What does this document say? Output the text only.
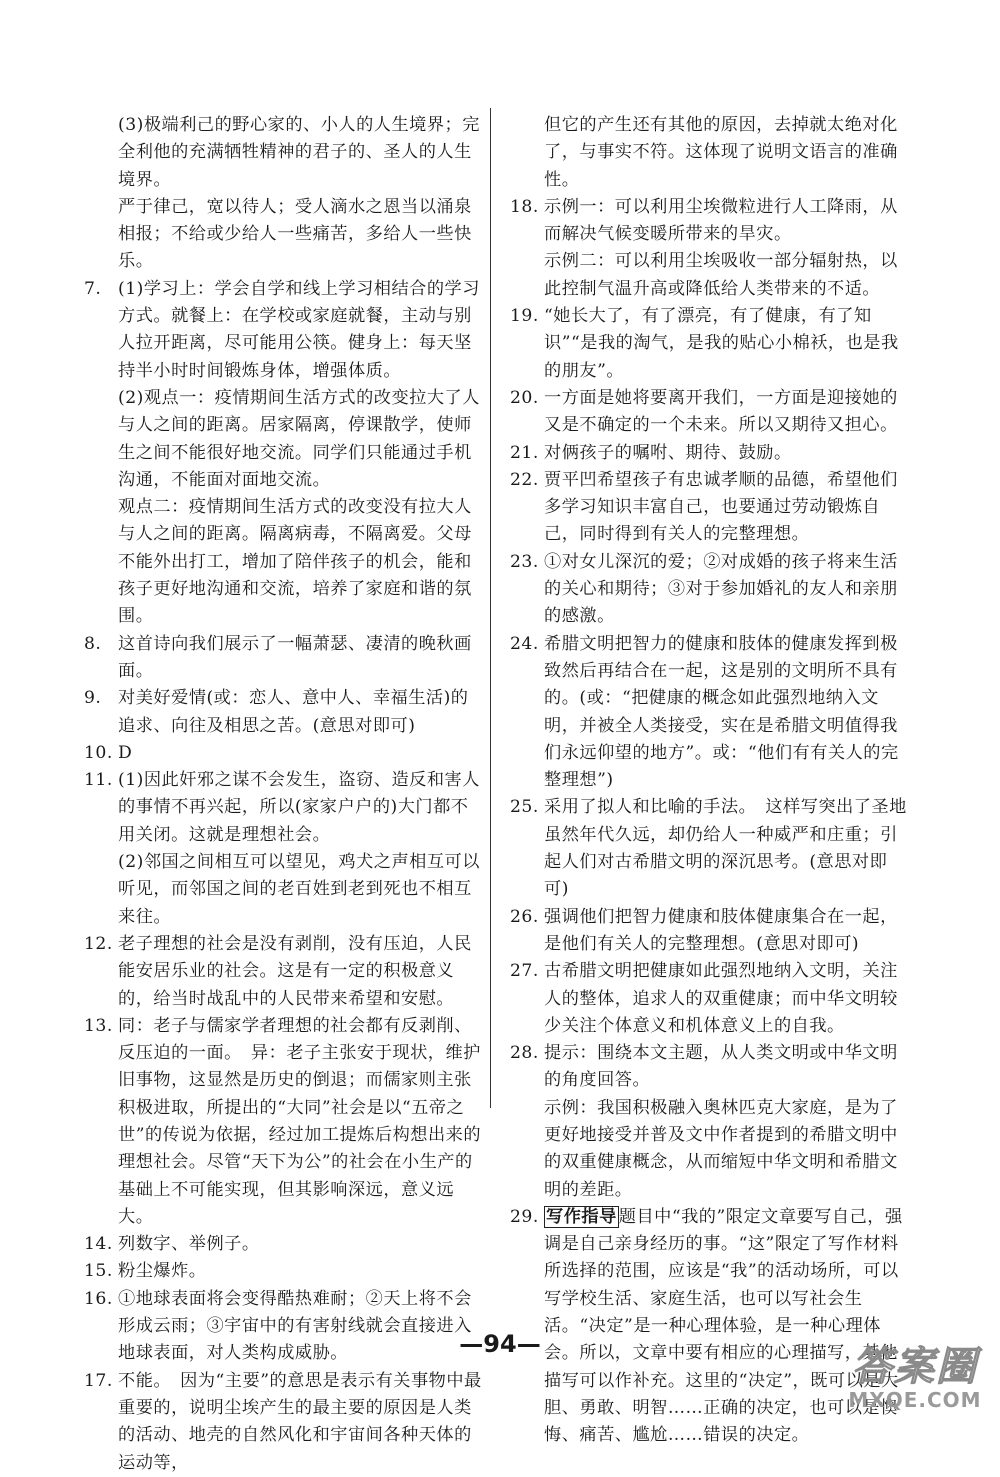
(3)极端利己的野心家的、小人的人生境界；完全利他的充满牺牲精神的君子的、圣人的人生境界。
严于律己，宽以待人；受人滴水之恩当以涌泉相报；不给或少给人一些痛苦，多给人一些快乐。
7. (1)学习上：学会自学和线上学习相结合的学习方式。就餐上：在学校或家庭就餐，主动与别人拉开距离，尽可能用公筷。健身上：每天坚持半小时时间锻炼身体，增强体质。
(2)观点一：疫情期间生活方式的改变拉大了人与人之间的距离。居家隔离，停课散学，使师生之间不能很好地交流。同学们只能通过手机沟通，不能面对面地交流。
观点二：疫情期间生活方式的改变没有拉大人与人之间的距离。隔离病毒，不隔离爱。父母不能外出打工，增加了陪伴孩子的机会，能和孩子更好地沟通和交流，培养了家庭和谐的氛围。
8. 这首诗向我们展示了一幅萧瑟、凄清的晚秋画面。
9. 对美好爱情(或：恋人、意中人、幸福生活)的追求、向往及相思之苦。(意思对即可)
10. D
11. (1)因此奸邪之谋不会发生，盗窃、造反和害人的事情不再兴起，所以(家家户户的)大门都不用关闭。这就是理想社会。
(2)邻国之间相互可以望见，鸡犬之声相互可以听见，而邻国之间的老百姓到老到死也不相互来往。
12. 老子理想的社会是没有剥削，没有压迫，人民能安居乐业的社会。这是有一定的积极意义的，给当时战乱中的人民带来希望和安慰。
13. 同：老子与儒家学者理想的社会都有反剥削、反压迫的一面。　异：老子主张安于现状，维护旧事物，这显然是历史的倒退；而儒家则主张积极进取，所提出的“大同”社会是以“五帝之世”的传说为依据，经过加工提炼后构想出来的理想社会。尽管“天下为公”的社会在小生产的基础上不可能实现，但其影响深远，意义远大。
14. 列数字、举例子。
15. 粉尘爆炸。
16. ①地球表面将会变得酷热难耐；②天上将不会形成云雨；③宇宙中的有害射线就会直接进入地球表面，对人类构成威胁。
17. 不能。　因为“主要”的意思是表示有关事物中最重要的，说明尘埃产生的最主要的原因是人类的活动、地壳的自然风化和宇宙间各种天体的运动等，
但它的产生还有其他的原因，去掉就太绝对化了，与事实不符。这体现了说明文语言的准确性。
18. 示例一：可以利用尘埃微粒进行人工降雨，从而解决气候变暖所带来的旱灾。
示例二：可以利用尘埃吸收一部分辐射热，以此控制气温升高或降低给人类带来的不适。
19. “她长大了，有了漂亮，有了健康，有了知识”“是我的淘气，是我的贴心小棉袄，也是我的朋友”。
20. 一方面是她将要离开我们，一方面是迎接她的又是不确定的一个未来。所以又期待又担心。
21. 对俩孩子的嘱咐、期待、鼓励。
22. 贾平凹希望孩子有忠诚孝顺的品德，希望他们多学习知识丰富自己，也要通过劳动锻炼自己，同时得到有关人的完整理想。
23. ①对女儿深沉的爱；②对成婚的孩子将来生活的关心和期待；③对于参加婚礼的友人和亲朋的感激。
24. 希腊文明把智力的健康和肢体的健康发挥到极致然后再结合在一起，这是别的文明所不具有的。(或：“把健康的概念如此强烈地纳入文明，并被全人类接受，实在是希腊文明值得我们永远仰望的地方”。或：“他们有有关人的完整理想”)
25. 采用了拟人和比喻的手法。　这样写突出了圣地虽然年代久远，却仍给人一种威严和庄重；引起人们对古希腊文明的深沉思考。(意思对即可)
26. 强调他们把智力健康和肢体健康集合在一起，是他们有关人的完整理想。(意思对即可)
27. 古希腊文明把健康如此强烈地纳入文明，关注人的整体，追求人的双重健康；而中华文明较少关注个体意义和机体意义上的自我。
28. 提示：围绕本文主题，从人类文明或中华文明的角度回答。
示例：我国积极融入奥林匹克大家庭，是为了更好地接受并普及文中作者提到的希腊文明中的双重健康概念，从而缩短中华文明和希腊文明的差距。
29. 写作指导 题目中“我的”限定文章要写自己，强调是自己亲身经历的事。“这”限定了写作材料所选择的范围，应该是“我”的活动场所，可以写学校生活、家庭生活，也可以写社会生活。“决定”是一种心理体验，是一种心理体会。所以，文章中要有相应的心理描写，其他描写可以作补充。这里的“决定”，既可以是大胆、勇敢、明智……正确的决定，也可以是懊悔、痛苦、尴尬……错误的决定。
—94—	答案圈
MXQE.COM
